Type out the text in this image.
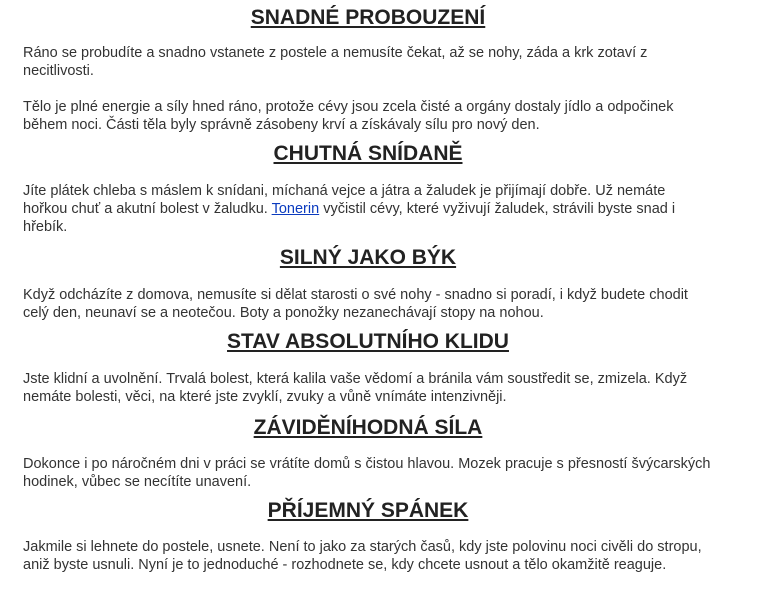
SNADNÉ PROBOUZENÍ

Ráno se probudíte a snadno vstanete z postele a nemusíte čekat, až se nohy, záda a krk zotaví z necitlivosti.

Tělo je plné energie a síly hned ráno, protože cévy jsou zcela čisté a orgány dostaly jídlo a odpočinek během noci. Části těla byly správně zásobeny krví a získávaly sílu pro nový den.

CHUTNÁ SNÍDANĚ

Jíte plátek chleba s máslem k snídani, míchaná vejce a játra a žaludek je přijímají dobře. Už nemáte hořkou chuť a akutní bolest v žaludku. Tonerin vyčistil cévy, které vyživují žaludek, strávili byste snad i hřebík.

SILNÝ JAKO BÝK

Když odcházíte z domova, nemusíte si dělat starosti o své nohy - snadno si poradí, i když budete chodit celý den, neunaví se a neotečou. Boty a ponožky nezanechávají stopy na nohou.

STAV ABSOLUTNÍHO KLIDU

Jste klidní a uvolnění. Trvalá bolest, která kalila vaše vědomí a bránila vám soustředit se, zmizela. Když nemáte bolesti, věci, na které jste zvyklí, zvuky a vůně vnímáte intenzivněji.

ZÁVIDĚNÍHODNÁ SÍLA

Dokonce i po náročném dni v práci se vrátíte domů s čistou hlavou. Mozek pracuje s přesností švýcarských hodinek, vůbec se necítíte unavení.

PŘÍJEMNÝ SPÁNEK

Jakmile si lehnete do postele, usnete. Není to jako za starých časů, kdy jste polovinu noci civěli do stropu, aniž byste usnuli. Nyní je to jednoduché - rozhodnete se, kdy chcete usnout a tělo okamžitě reaguje.
